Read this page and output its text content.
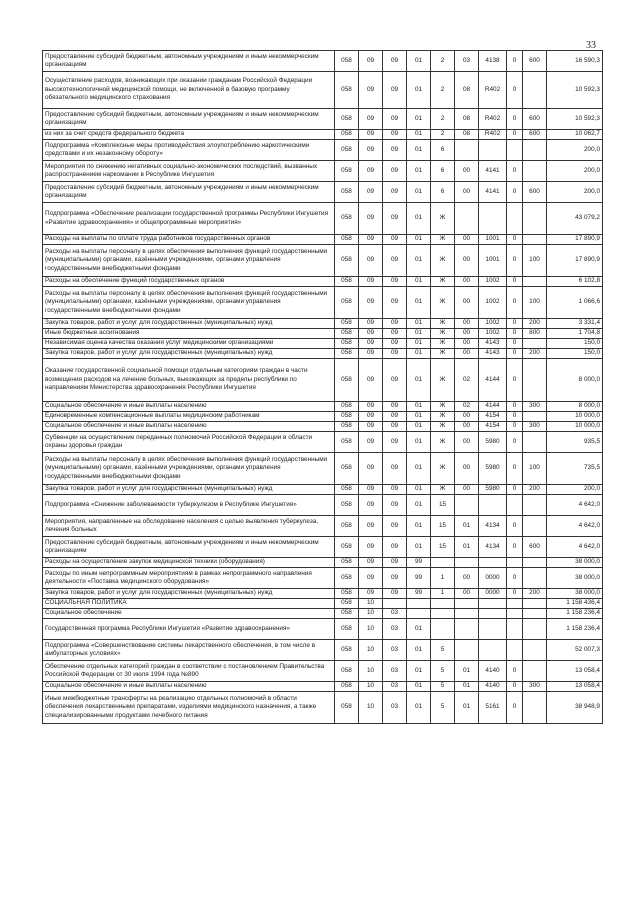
33
Предоставление субсидий бюджетным, автономным учреждениям и иным некоммерческим организациям	058	09	09	01	2	03	4138	0	600	16 590,3
Осуществление расходов, возникающих при оказании гражданам Российской Федерации высокотехнологичной медицинской помощи, не включенной в базовую программу обязательного медицинского страхования	058	09	09	01	2	08	R402	0		10 592,3
Предоставление субсидий бюджетным, автономным учреждениям и иным некоммерческим организациям	058	09	09	01	2	08	R402	0	600	10 592,3
из них за счет средств федерального бюджета	058	09	09	01	2	08	R402	0	600	10 062,7
Подпрограмма «Комплексные меры противодействия злоупотреблению наркотическими средствами и их незаконному обороту»	058	09	09	01	6					200,0
Мероприятия по снижению негативных социально-экономических последствий, вызванных распространением наркомании в Республике Ингушетия	058	09	09	01	6	00	4141	0		200,0
Предоставление субсидий бюджетным, автономным учреждениям и иным некоммерческим организациям	058	09	09	01	6	00	4141	0	600	200,0
Подпрограмма «Обеспечение реализации государственной программы Республики Ингушетия «Развитие здравоохранения» и общепрограммные мероприятия»	058	09	09	01	Ж					43 079,2
Расходы на выплаты по оплате труда работников государственных органов	058	09	09	01	Ж	00	1001	0		17 890,9
Расходы на выплаты персоналу в целях обеспечения выполнения функций государственными (муниципальными) органами, казёнными учреждениями, органами управления государственными внебюджетными фондами	058	09	09	01	Ж	00	1001	0	100	17 890,9
Расходы на обеспечение функций государственных органов	058	09	09	01	Ж	00	1002	0		6 102,8
Расходы на выплаты персоналу в целях обеспечения выполнения функций государственными (муниципальными) органами, казёнными учреждениями, органами управления государственными внебюджетными фондами	058	09	09	01	Ж	00	1002	0	100	1 066,6
Закупка товаров, работ и услуг для государственных (муниципальных) нужд	058	09	09	01	Ж	00	1002	0	200	3 331,4
Иные бюджетные ассигнования	058	09	09	01	Ж	00	1002	0	800	1 704,8
Независимая оценка качества оказания услуг медицинскими организациями	058	09	09	01	Ж	00	4143	0		150,0
Закупка товаров, работ и услуг для государственных (муниципальных) нужд	058	09	09	01	Ж	00	4143	0	200	150,0
Оказание государственной социальной помощи отдельным категориям граждан в части возмещения расходов на лечение больных, выезжающих за пределы республики по направлениям Министерства здравоохранения Республики Ингушетия	058	09	09	01	Ж	02	4144	0		8 000,0
Социальное обеспечение и иные выплаты населению	058	09	09	01	Ж	02	4144	0	300	8 000,0
Единовременные компенсационные выплаты медицинским работникам	058	09	09	01	Ж	00	4154	0		10 000,0
Социальное обеспечение и иные выплаты населению	058	09	09	01	Ж	00	4154	0	300	10 000,0
Субвенции на осуществление переданных полномочий Российской Федерации в области охраны здоровья граждан	058	09	09	01	Ж	00	5980	0		935,5
Расходы на выплаты персоналу в целях обеспечения выполнения функций государственными (муниципальными) органами, казёнными учреждениями, органами управления государственными внебюджетными фондами	058	09	09	01	Ж	00	5980	0	100	735,5
Закупка товаров, работ и услуг для государственных (муниципальных) нужд	058	09	09	01	Ж	00	5980	0	200	200,0
Подпрограмма «Снижение заболеваемости туберкулезом в Республике Ингушетия»	058	09	09	01	15					4 642,0
Мероприятия, направленные на обследование населения с целью выявления туберкулеза, лечения больных	058	09	09	01	15	01	4134	0		4 642,0
Предоставление субсидий бюджетным, автономным учреждениям и иным некоммерческим организациям	058	09	09	01	15	01	4134	0	600	4 642,0
Расходы на осуществление закупок медицинской техники (оборудования)	058	09	09	99						38 000,0
Расходы по иным непрограммным мероприятиям в рамках непрограммного направления деятельности «Поставка медицинского оборудования»	058	09	09	99	1	00	0000	0		38 000,0
Закупка товаров, работ и услуг для государственных (муниципальных) нужд	058	09	09	99	1	00	0000	0	200	38 000,0
СОЦИАЛЬНАЯ ПОЛИТИКА	058	10								1 158 436,4
Социальное обеспечение	058	10	03							1 158 236,4
Государственная программа Республики Ингушетия «Развитие здравоохранения»	058	10	03	01						1 158 236,4
Подпрограмма «Совершенствование системы лекарственного обеспечения, в том числе в амбулаторных условиях»	058	10	03	01	5					52 007,3
Обеспечение отдельных категорий граждан в соответствии с постановлением Правительства Российской Федерации от 30 июля 1994 года №890	058	10	03	01	5	01	4140	0		13 058,4
Социальное обеспечение и иные выплаты населению	058	10	03	01	5	01	4140	0	300	13 058,4
Иные межбюджетные трансферты на реализацию отдельных полномочий в области обеспечения лекарственными препаратами, изделиями медицинского назначения, а также специализированными продуктами лечебного питания	058	10	03	01	5	01	5161	0		38 948,9
